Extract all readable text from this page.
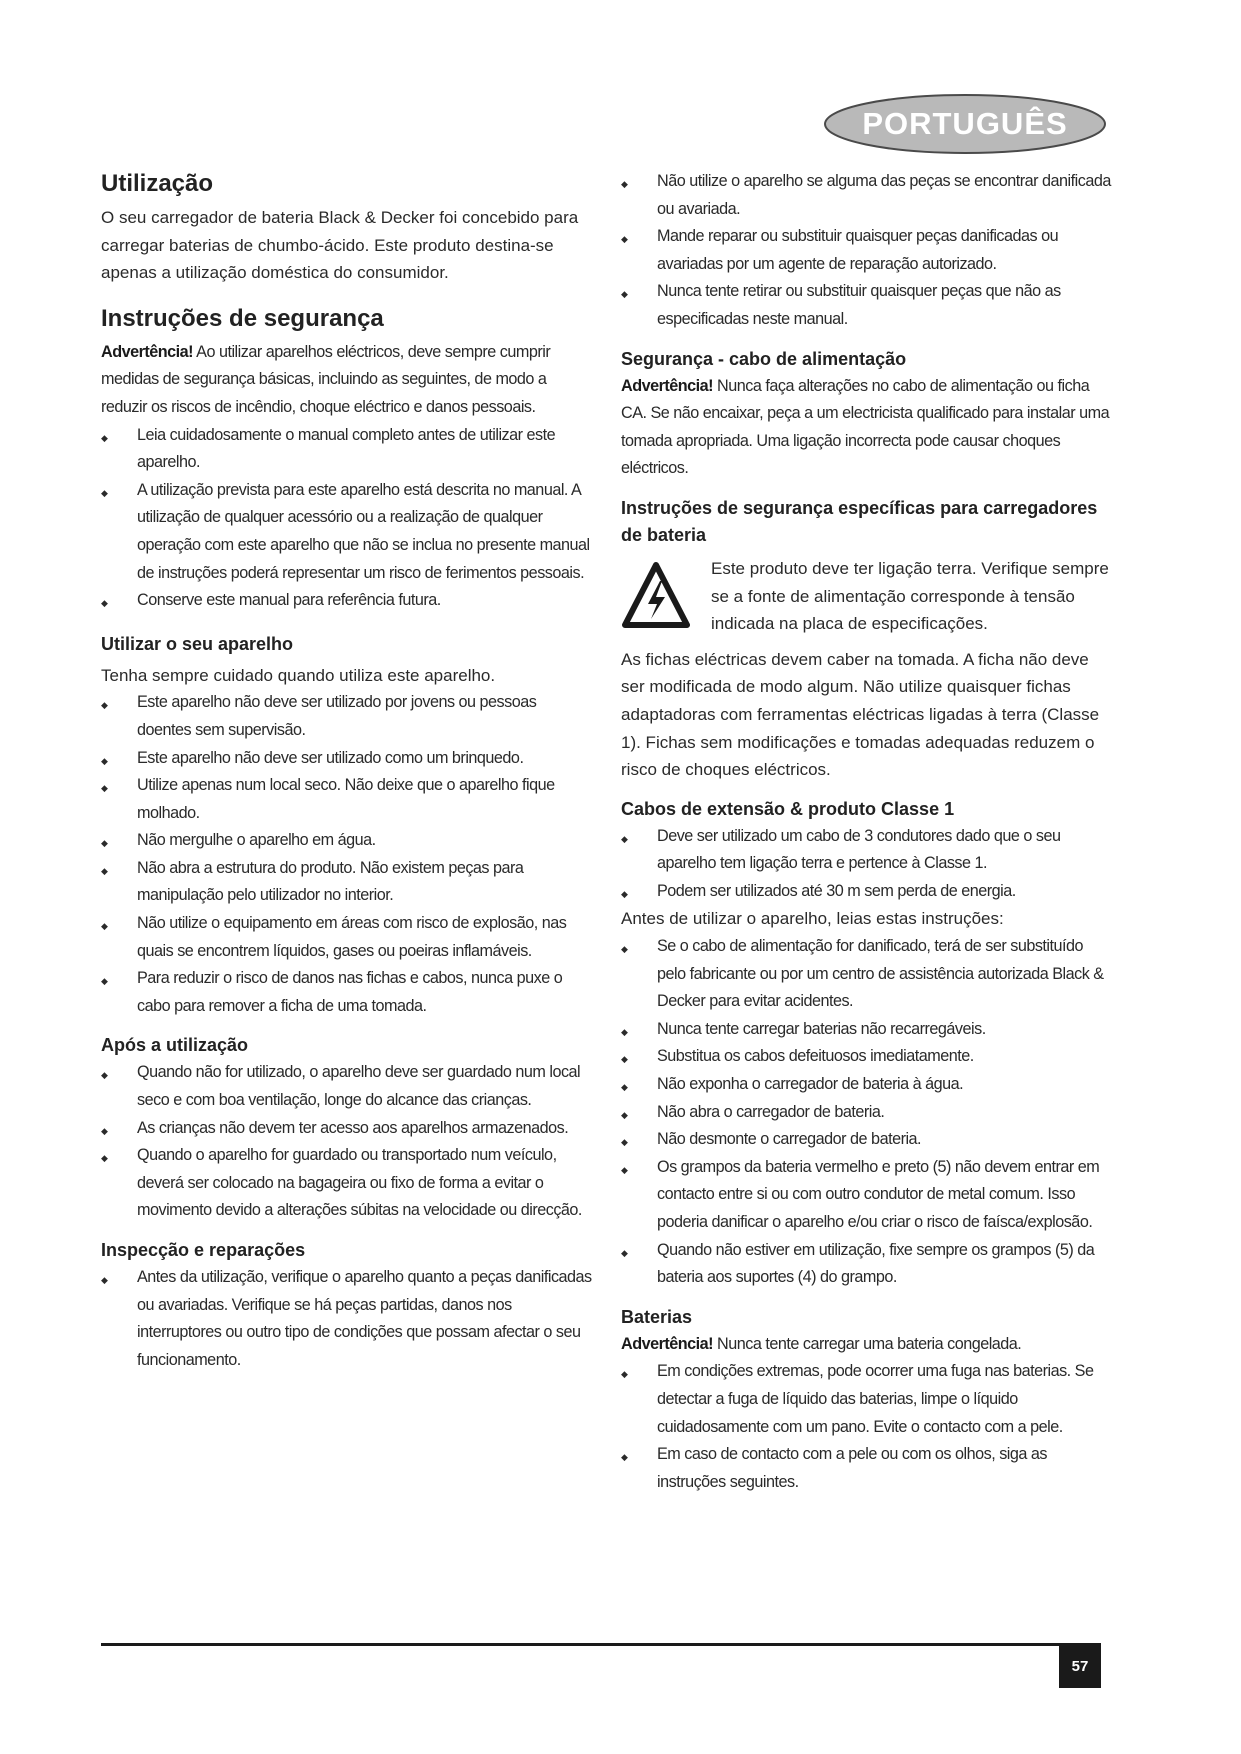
PORTUGUÊS
Utilização
O seu carregador de bateria Black & Decker foi concebido para carregar baterias de chumbo-ácido. Este produto destina-se apenas a utilização doméstica do consumidor.
Instruções de segurança
Advertência! Ao utilizar aparelhos eléctricos, deve sempre cumprir medidas de segurança básicas, incluindo as seguintes, de modo a reduzir os riscos de incêndio, choque eléctrico e danos pessoais.
◆ Leia cuidadosamente o manual completo antes de utilizar este aparelho.
◆ A utilização prevista para este aparelho está descrita no manual. A utilização de qualquer acessório ou a realização de qualquer operação com este aparelho que não se inclua no presente manual de instruções poderá representar um risco de ferimentos pessoais.
◆ Conserve este manual para referência futura.
Utilizar o seu aparelho
Tenha sempre cuidado quando utiliza este aparelho.
◆ Este aparelho não deve ser utilizado por jovens ou pessoas doentes sem supervisão.
◆ Este aparelho não deve ser utilizado como um brinquedo.
◆ Utilize apenas num local seco. Não deixe que o aparelho fique molhado.
◆ Não mergulhe o aparelho em água.
◆ Não abra a estrutura do produto. Não existem peças para manipulação pelo utilizador no interior.
◆ Não utilize o equipamento em áreas com risco de explosão, nas quais se encontrem líquidos, gases ou poeiras inflamáveis.
◆ Para reduzir o risco de danos nas fichas e cabos, nunca puxe o cabo para remover a ficha de uma tomada.
Após a utilização
◆ Quando não for utilizado, o aparelho deve ser guardado num local seco e com boa ventilação, longe do alcance das crianças.
◆ As crianças não devem ter acesso aos aparelhos armazenados.
◆ Quando o aparelho for guardado ou transportado num veículo, deverá ser colocado na bagageira ou fixo de forma a evitar o movimento devido a alterações súbitas na velocidade ou direcção.
Inspecção e reparações
◆ Antes da utilização, verifique o aparelho quanto a peças danificadas ou avariadas. Verifique se há peças partidas, danos nos interruptores ou outro tipo de condições que possam afectar o seu funcionamento.
◆ Não utilize o aparelho se alguma das peças se encontrar danificada ou avariada.
◆ Mande reparar ou substituir quaisquer peças danificadas ou avariadas por um agente de reparação autorizado.
◆ Nunca tente retirar ou substituir quaisquer peças que não as especificadas neste manual.
Segurança - cabo de alimentação
Advertência! Nunca faça alterações no cabo de alimentação ou ficha CA. Se não encaixar, peça a um electricista qualificado para instalar uma tomada apropriada. Uma ligação incorrecta pode causar choques eléctricos.
Instruções de segurança específicas para carregadores de bateria
Este produto deve ter ligação terra. Verifique sempre se a fonte de alimentação corresponde à tensão indicada na placa de especificações.
As fichas eléctricas devem caber na tomada. A ficha não deve ser modificada de modo algum. Não utilize quaisquer fichas adaptadoras com ferramentas eléctricas ligadas à terra (Classe 1). Fichas sem modificações e tomadas adequadas reduzem o risco de choques eléctricos.
Cabos de extensão & produto Classe 1
◆ Deve ser utilizado um cabo de 3 condutores dado que o seu aparelho tem ligação terra e pertence à Classe 1.
◆ Podem ser utilizados até 30 m sem perda de energia.
Antes de utilizar o aparelho, leias estas instruções:
◆ Se o cabo de alimentação for danificado, terá de ser substituído pelo fabricante ou por um centro de assistência autorizada Black & Decker para evitar acidentes.
◆ Nunca tente carregar baterias não recarregáveis.
◆ Substitua os cabos defeituosos imediatamente.
◆ Não exponha o carregador de bateria à água.
◆ Não abra o carregador de bateria.
◆ Não desmonte o carregador de bateria.
◆ Os grampos da bateria vermelho e preto (5) não devem entrar em contacto entre si ou com outro condutor de metal comum. Isso poderia danificar o aparelho e/ou criar o risco de faísca/explosão.
◆ Quando não estiver em utilização, fixe sempre os grampos (5) da bateria aos suportes (4) do grampo.
Baterias
Advertência! Nunca tente carregar uma bateria congelada.
◆ Em condições extremas, pode ocorrer uma fuga nas baterias. Se detectar a fuga de líquido das baterias, limpe o líquido cuidadosamente com um pano. Evite o contacto com a pele.
◆ Em caso de contacto com a pele ou com os olhos, siga as instruções seguintes.
57
